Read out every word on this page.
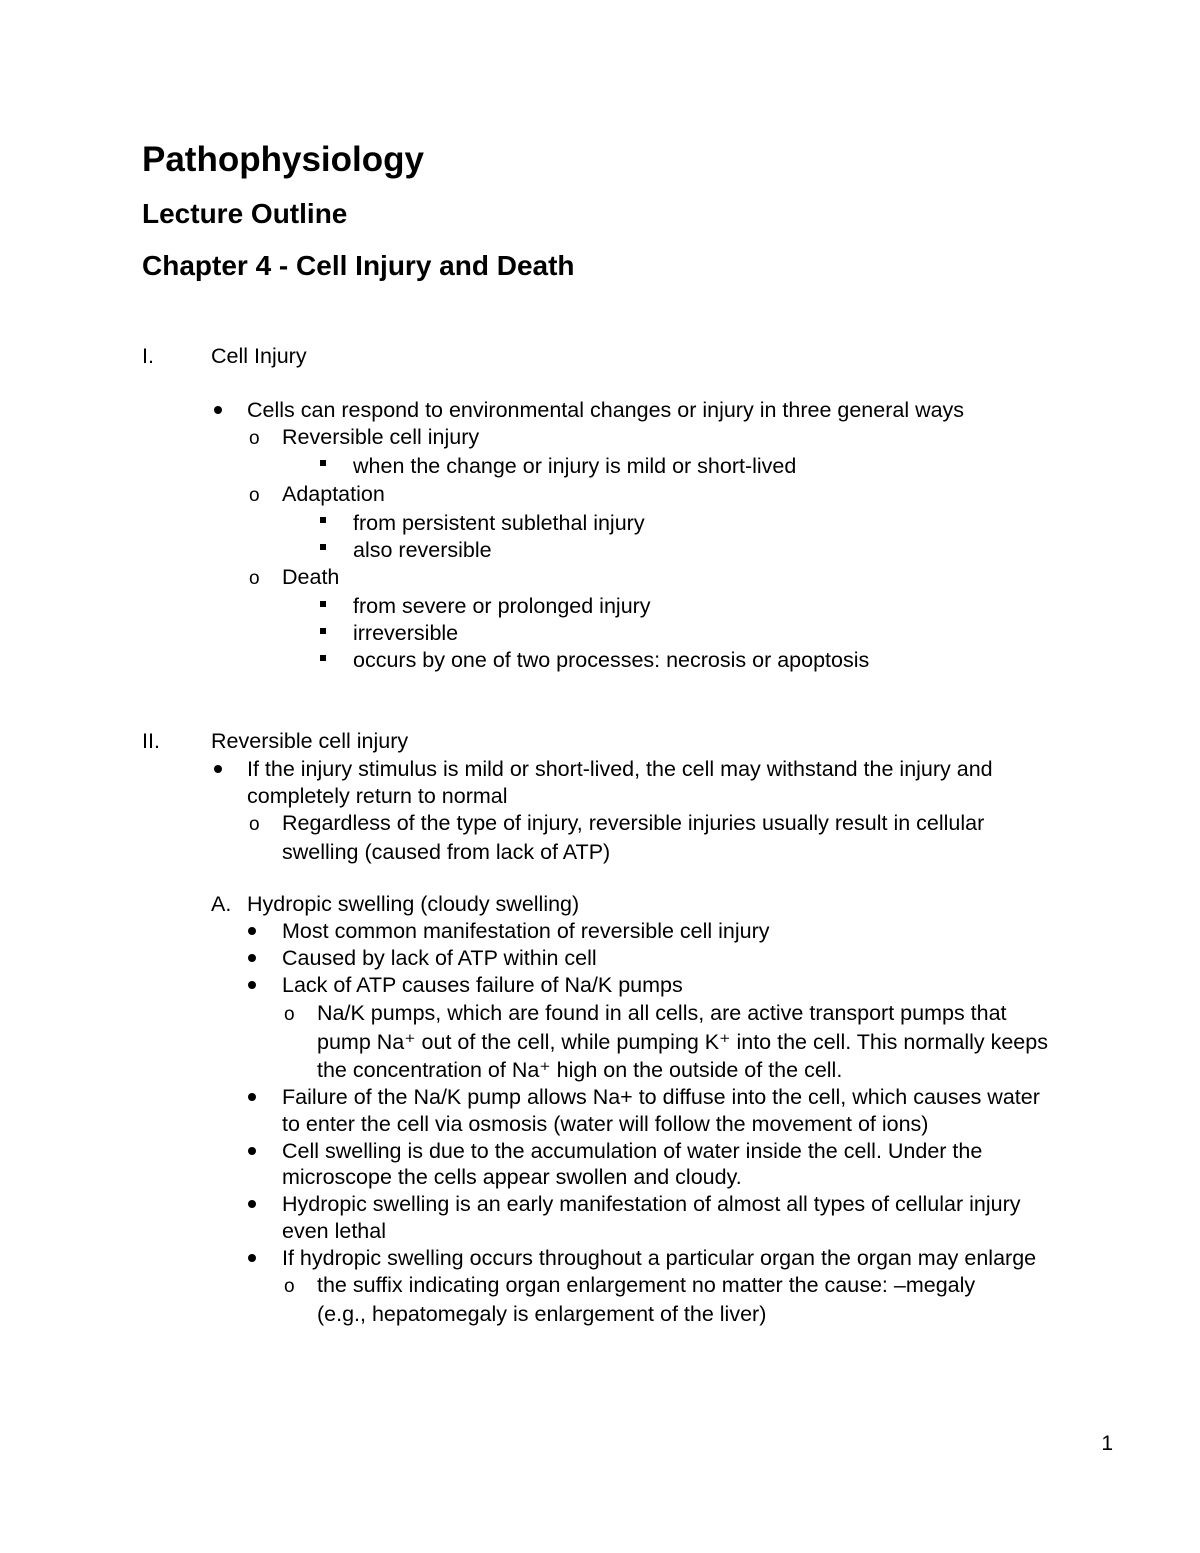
Pathophysiology
Lecture Outline
Chapter 4 - Cell Injury and Death
I.	Cell Injury
Cells can respond to environmental changes or injury in three general ways
o Reversible cell injury
when the change or injury is mild or short-lived
o Adaptation
from persistent sublethal injury
also reversible
o Death
from severe or prolonged injury
irreversible
occurs by one of two processes: necrosis or apoptosis
II. Reversible cell injury
If the injury stimulus is mild or short-lived, the cell may withstand the injury and
completely return to normal
o Regardless of the type of injury, reversible injuries usually result in cellular
swelling (caused from lack of ATP)
A. Hydropic swelling (cloudy swelling)
Most common manifestation of reversible cell injury
Caused by lack of ATP within cell
Lack of ATP causes failure of Na/K pumps
o Na/K pumps, which are found in all cells, are active transport pumps that
pump Na⁺ out of the cell, while pumping K⁺ into the cell. This normally keeps
the concentration of Na⁺ high on the outside of the cell.
Failure of the Na/K pump allows Na+ to diffuse into the cell, which causes water
to enter the cell via osmosis (water will follow the movement of ions)
Cell swelling is due to the accumulation of water inside the cell. Under the
microscope the cells appear swollen and cloudy.
Hydropic swelling is an early manifestation of almost all types of cellular injury
even lethal
If hydropic swelling occurs throughout a particular organ the organ may enlarge
o the suffix indicating organ enlargement no matter the cause: –megaly
(e.g., hepatomegaly is enlargement of the liver)
1
